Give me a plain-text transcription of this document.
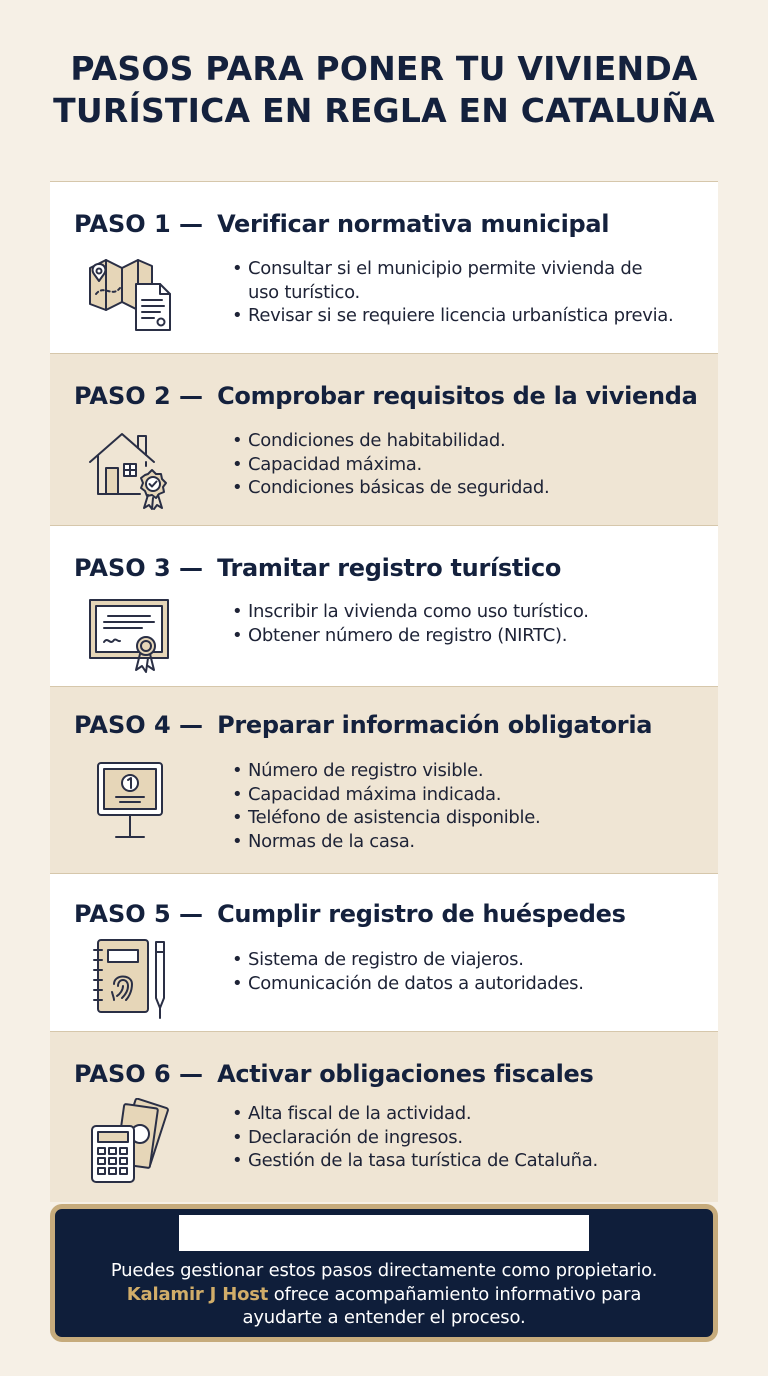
PASOS PARA PONER TU VIVIENDA
TURÍSTICA EN REGLA EN CATALUÑA
PASO 1 — Verificar normativa municipal
• Consultar si el municipio permite vivienda de
uso turístico.
• Revisar si se requiere licencia urbanística previa.
PASO 2 — Comprobar requisitos de la vivienda
• Condiciones de habitabilidad.
• Capacidad máxima.
• Condiciones básicas de seguridad.
PASO 3 — Tramitar registro turístico
• Inscribir la vivienda como uso turístico.
• Obtener número de registro (NIRTC).
PASO 4 — Preparar información obligatoria
• Número de registro visible.
• Capacidad máxima indicada.
• Teléfono de asistencia disponible.
• Normas de la casa.
PASO 5 — Cumplir registro de huéspedes
• Sistema de registro de viajeros.
• Comunicación de datos a autoridades.
PASO 6 — Activar obligaciones fiscales
• Alta fiscal de la actividad.
• Declaración de ingresos.
• Gestión de la tasa turística de Cataluña.

Puedes gestionar estos pasos directamente como propietario.
Kalamir J Host ofrece acompañamiento informativo para
ayudarte a entender el proceso.
